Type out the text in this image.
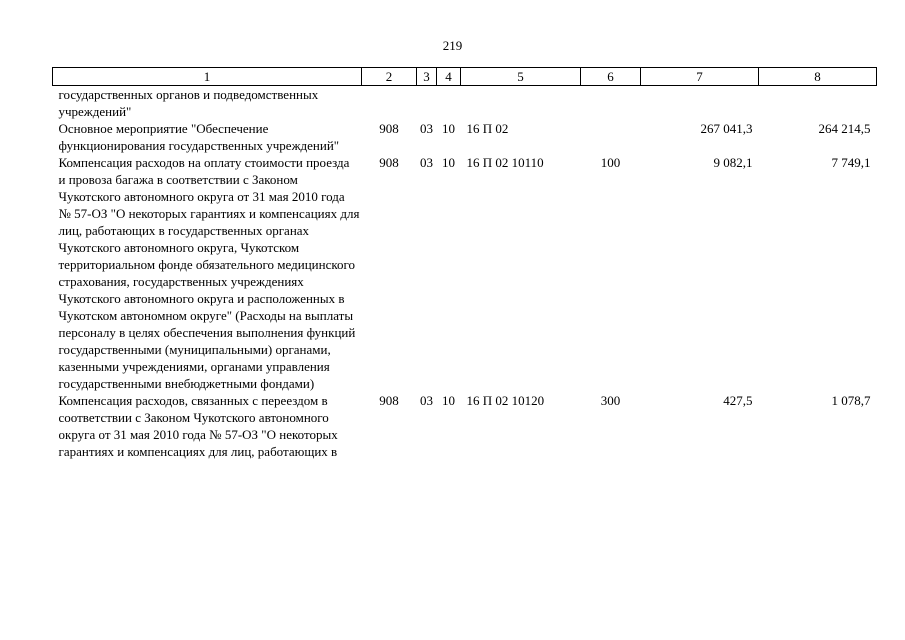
219
1	2	3	4	5	6	7	8
государственных органов и подведомственных учреждений"							
Основное мероприятие "Обеспечение функционирования государственных учреждений"	908	03	10	16 П 02		267 041,3	264 214,5
Компенсация расходов на оплату стоимости проезда и провоза багажа в соответствии с Законом Чукотского автономного округа от 31 мая 2010 года № 57-ОЗ "О некоторых гарантиях и компенсациях для лиц, работающих в государственных органах Чукотского автономного округа, Чукотском территориальном фонде обязательного медицинского страхования, государственных учреждениях Чукотского автономного округа и расположенных в Чукотском автономном округе" (Расходы на выплаты персоналу в целях обеспечения выполнения функций государственными (муниципальными) органами, казенными учреждениями, органами управления государственными внебюджетными фондами)	908	03	10	16 П 02 10110	100	9 082,1	7 749,1
Компенсация расходов, связанных с переездом в соответствии с Законом Чукотского автономного округа от 31 мая 2010 года № 57-ОЗ "О некоторых гарантиях и компенсациях для лиц, работающих в	908	03	10	16 П 02 10120	300	427,5	1 078,7
